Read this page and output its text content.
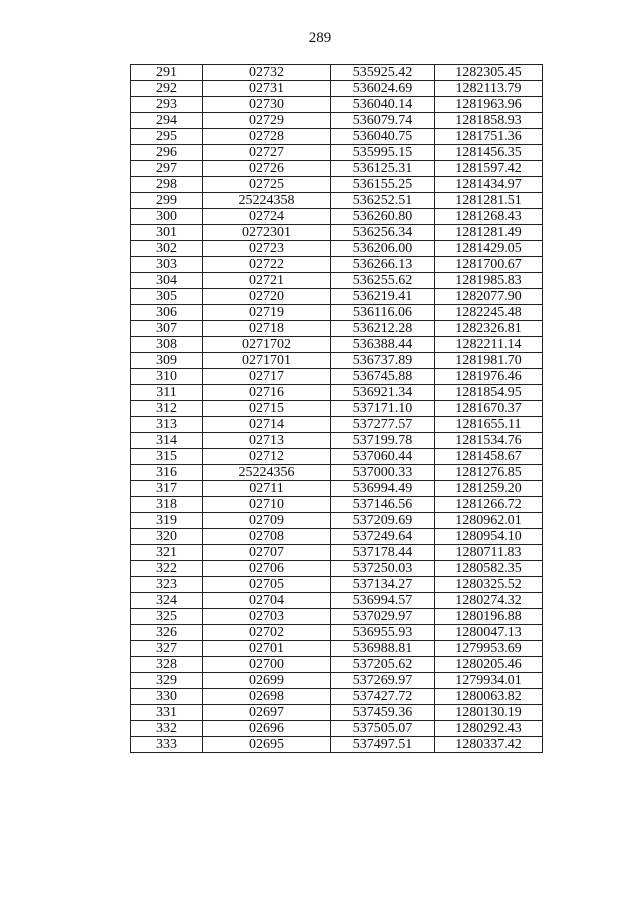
289
291	02732	535925.42	1282305.45
292	02731	536024.69	1282113.79
293	02730	536040.14	1281963.96
294	02729	536079.74	1281858.93
295	02728	536040.75	1281751.36
296	02727	535995.15	1281456.35
297	02726	536125.31	1281597.42
298	02725	536155.25	1281434.97
299	25224358	536252.51	1281281.51
300	02724	536260.80	1281268.43
301	0272301	536256.34	1281281.49
302	02723	536206.00	1281429.05
303	02722	536266.13	1281700.67
304	02721	536255.62	1281985.83
305	02720	536219.41	1282077.90
306	02719	536116.06	1282245.48
307	02718	536212.28	1282326.81
308	0271702	536388.44	1282211.14
309	0271701	536737.89	1281981.70
310	02717	536745.88	1281976.46
311	02716	536921.34	1281854.95
312	02715	537171.10	1281670.37
313	02714	537277.57	1281655.11
314	02713	537199.78	1281534.76
315	02712	537060.44	1281458.67
316	25224356	537000.33	1281276.85
317	02711	536994.49	1281259.20
318	02710	537146.56	1281266.72
319	02709	537209.69	1280962.01
320	02708	537249.64	1280954.10
321	02707	537178.44	1280711.83
322	02706	537250.03	1280582.35
323	02705	537134.27	1280325.52
324	02704	536994.57	1280274.32
325	02703	537029.97	1280196.88
326	02702	536955.93	1280047.13
327	02701	536988.81	1279953.69
328	02700	537205.62	1280205.46
329	02699	537269.97	1279934.01
330	02698	537427.72	1280063.82
331	02697	537459.36	1280130.19
332	02696	537505.07	1280292.43
333	02695	537497.51	1280337.42
